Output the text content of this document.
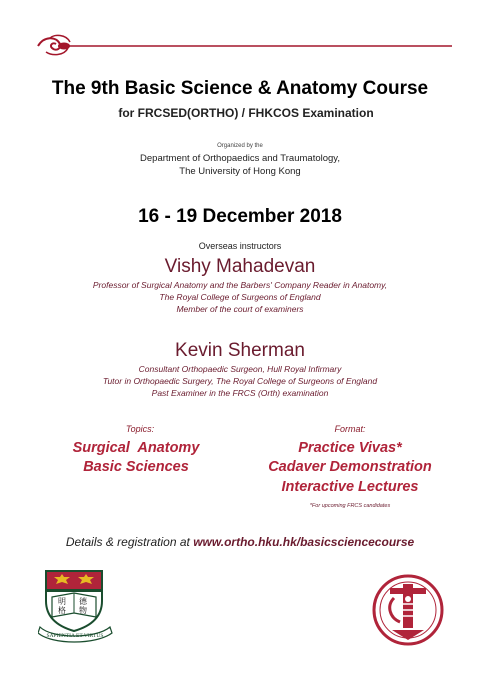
The 9th Basic Science & Anatomy Course
for FRCSED(ORTHO) / FHKCOS Examination
Organized by the
Department of Orthopaedics and Traumatology,
The University of Hong Kong
16 - 19 December 2018
Overseas instructors
Vishy Mahadevan
Professor of Surgical Anatomy and the Barbers' Company Reader in Anatomy,
The Royal College of Surgeons of England
Member of the court of examiners
Kevin Sherman
Consultant Orthopaedic Surgeon, Hull Royal Infirmary
Tutor in Orthopaedic Surgery, The Royal College of Surgeons of England
Past Examiner in the FRCS (Orth) examination
Topics:
Surgical  Anatomy
Basic Sciences
Format:
Practice Vivas*
Cadaver Demonstration
Interactive Lectures
*For upcoming FRCS candidates
Details & registration at www.ortho.hku.hk/basicsciencecourse
明 德
格 物
SAPIENTIA ET VIRTUS
